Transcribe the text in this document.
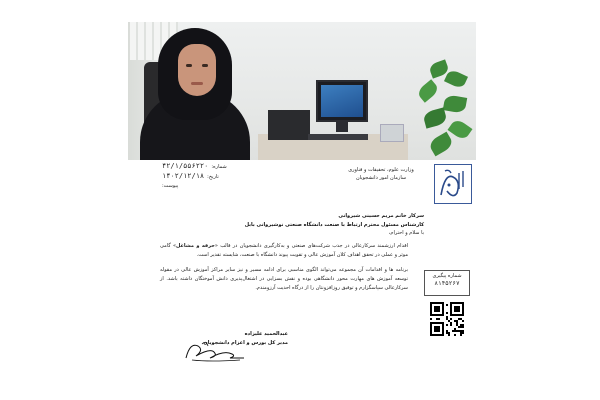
وزارت علوم، تحقیقات و فناوری
سازمان امور دانشجویان
شماره:
۴۲/۱/۵۵۶۲۲۰
تاریخ:
۱۴۰۲/۱۲/۱۸
پیوست:
سرکار خانم مریم حسینی شیروانی
کارشناس مسئول محترم ارتباط با صنعت دانشگاه صنعتی نوشیروانی بابل
با سلام و احترام،

اقدام ارزشمند سرکارعالی در جذب شرکت‌های صنعتی و به‌کارگیری دانشجویان در قالب «حرفه و مشاغل» گامی موثر و عملی در تحقق اهداف کلان آموزش عالی و تقویت پیوند دانشگاه با صنعت، شایسته تقدیر است.

برنامه ها و اقدامات آن مجموعه می‌تواند الگوی مناسبی برای ادامه مسیر و نیز سایر مراکز آموزش عالی در مقوله توسعه آموزش های مهارت محور دانشگاهی بوده و نقش بسزایی در اشتغال‌پذیری دانش آموختگان داشته باشد. از سرکارعالی سپاسگزارم و توفیق روزافزونتان را از درگاه احدیت آرزومندم.

شماره پیگیری
۸۱۴۵۲۶۷
عبدالحمید علیزاده
مدیر کل بورس و اعزام دانشجویان
